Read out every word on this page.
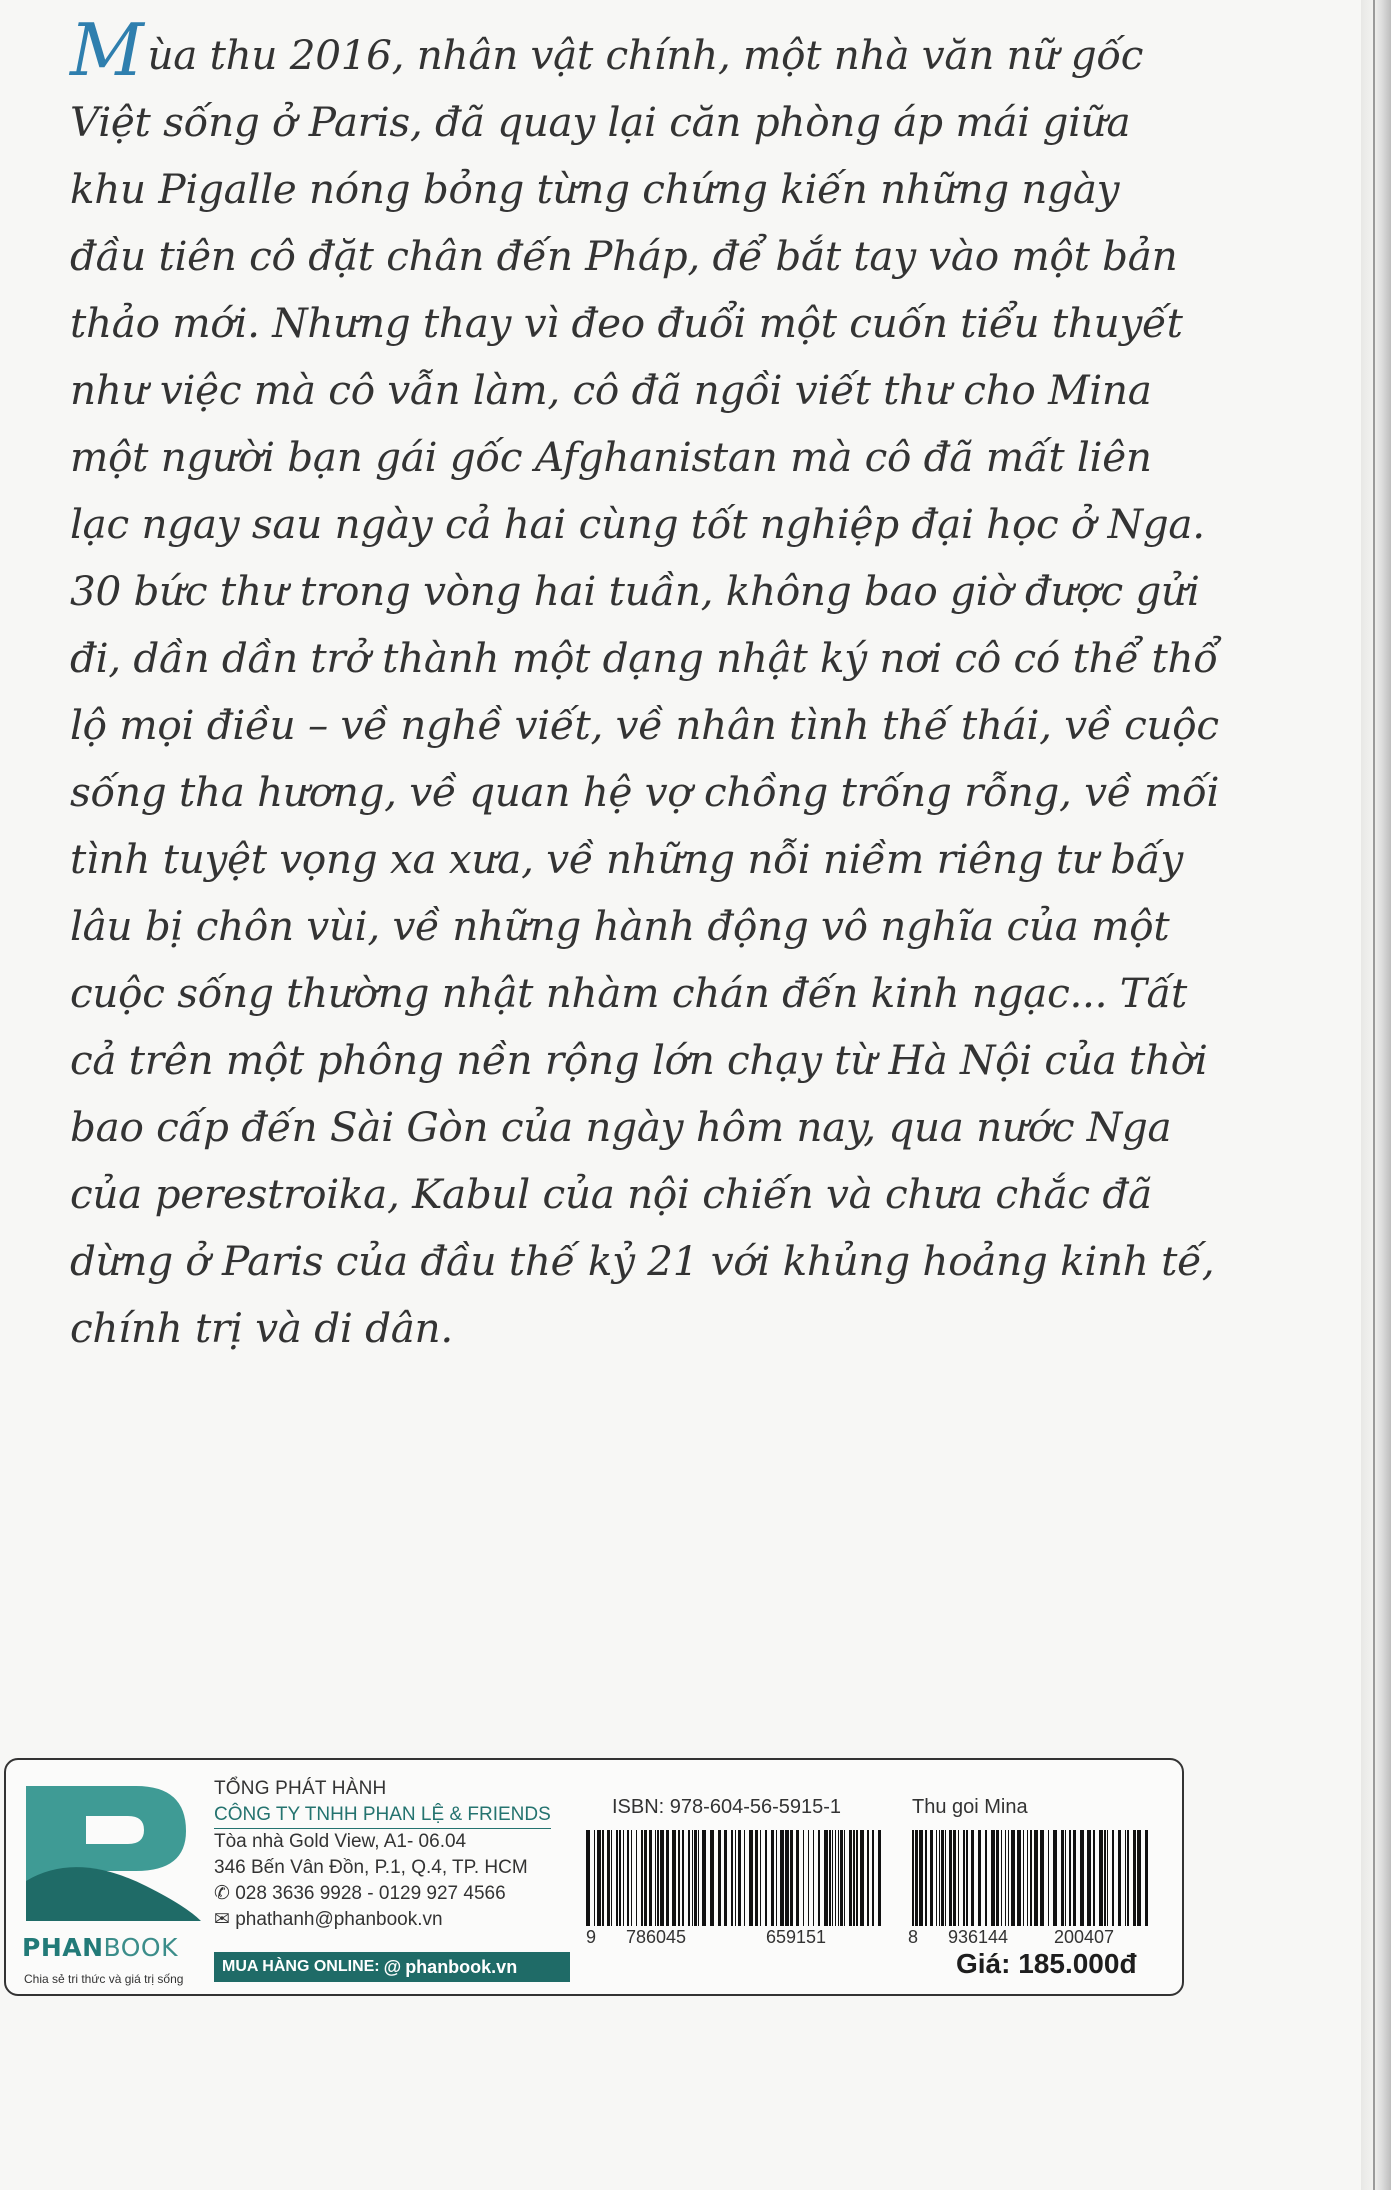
Mùa thu 2016, nhân vật chính, một nhà văn nữ gốc
Việt sống ở Paris, đã quay lại căn phòng áp mái giữa
khu Pigalle nóng bỏng từng chứng kiến những ngày
đầu tiên cô đặt chân đến Pháp, để bắt tay vào một bản
thảo mới. Nhưng thay vì đeo đuổi một cuốn tiểu thuyết
như việc mà cô vẫn làm, cô đã ngồi viết thư cho Mina
một người bạn gái gốc Afghanistan mà cô đã mất liên
lạc ngay sau ngày cả hai cùng tốt nghiệp đại học ở Nga.
30 bức thư trong vòng hai tuần, không bao giờ được gửi
đi, dần dần trở thành một dạng nhật ký nơi cô có thể thổ
lộ mọi điều – về nghề viết, về nhân tình thế thái, về cuộc
sống tha hương, về quan hệ vợ chồng trống rỗng, về mối
tình tuyệt vọng xa xưa, về những nỗi niềm riêng tư bấy
lâu bị chôn vùi, về những hành động vô nghĩa của một
cuộc sống thường nhật nhàm chán đến kinh ngạc... Tất
cả trên một phông nền rộng lớn chạy từ Hà Nội của thời
bao cấp đến Sài Gòn của ngày hôm nay, qua nước Nga
của perestroika, Kabul của nội chiến và chưa chắc đã
dừng ở Paris của đầu thế kỷ 21 với khủng hoảng kinh tế,
chính trị và di dân.
PHANBOOK
Chia sẻ tri thức và giá trị sống
TỔNG PHÁT HÀNH
CÔNG TY TNHH PHAN LỆ & FRIENDS
Tòa nhà Gold View, A1- 06.04
346 Bến Vân Đồn, P.1, Q.4, TP. HCM
✆ 028 3636 9928 - 0129 927 4566
✉ phathanh@phanbook.vn
MUA HÀNG ONLINE: @ phanbook.vn
ISBN: 978-604-56-5915-1
9 786045	659151
Thu goi Mina
8 936144	200407
Giá: 185.000đ
